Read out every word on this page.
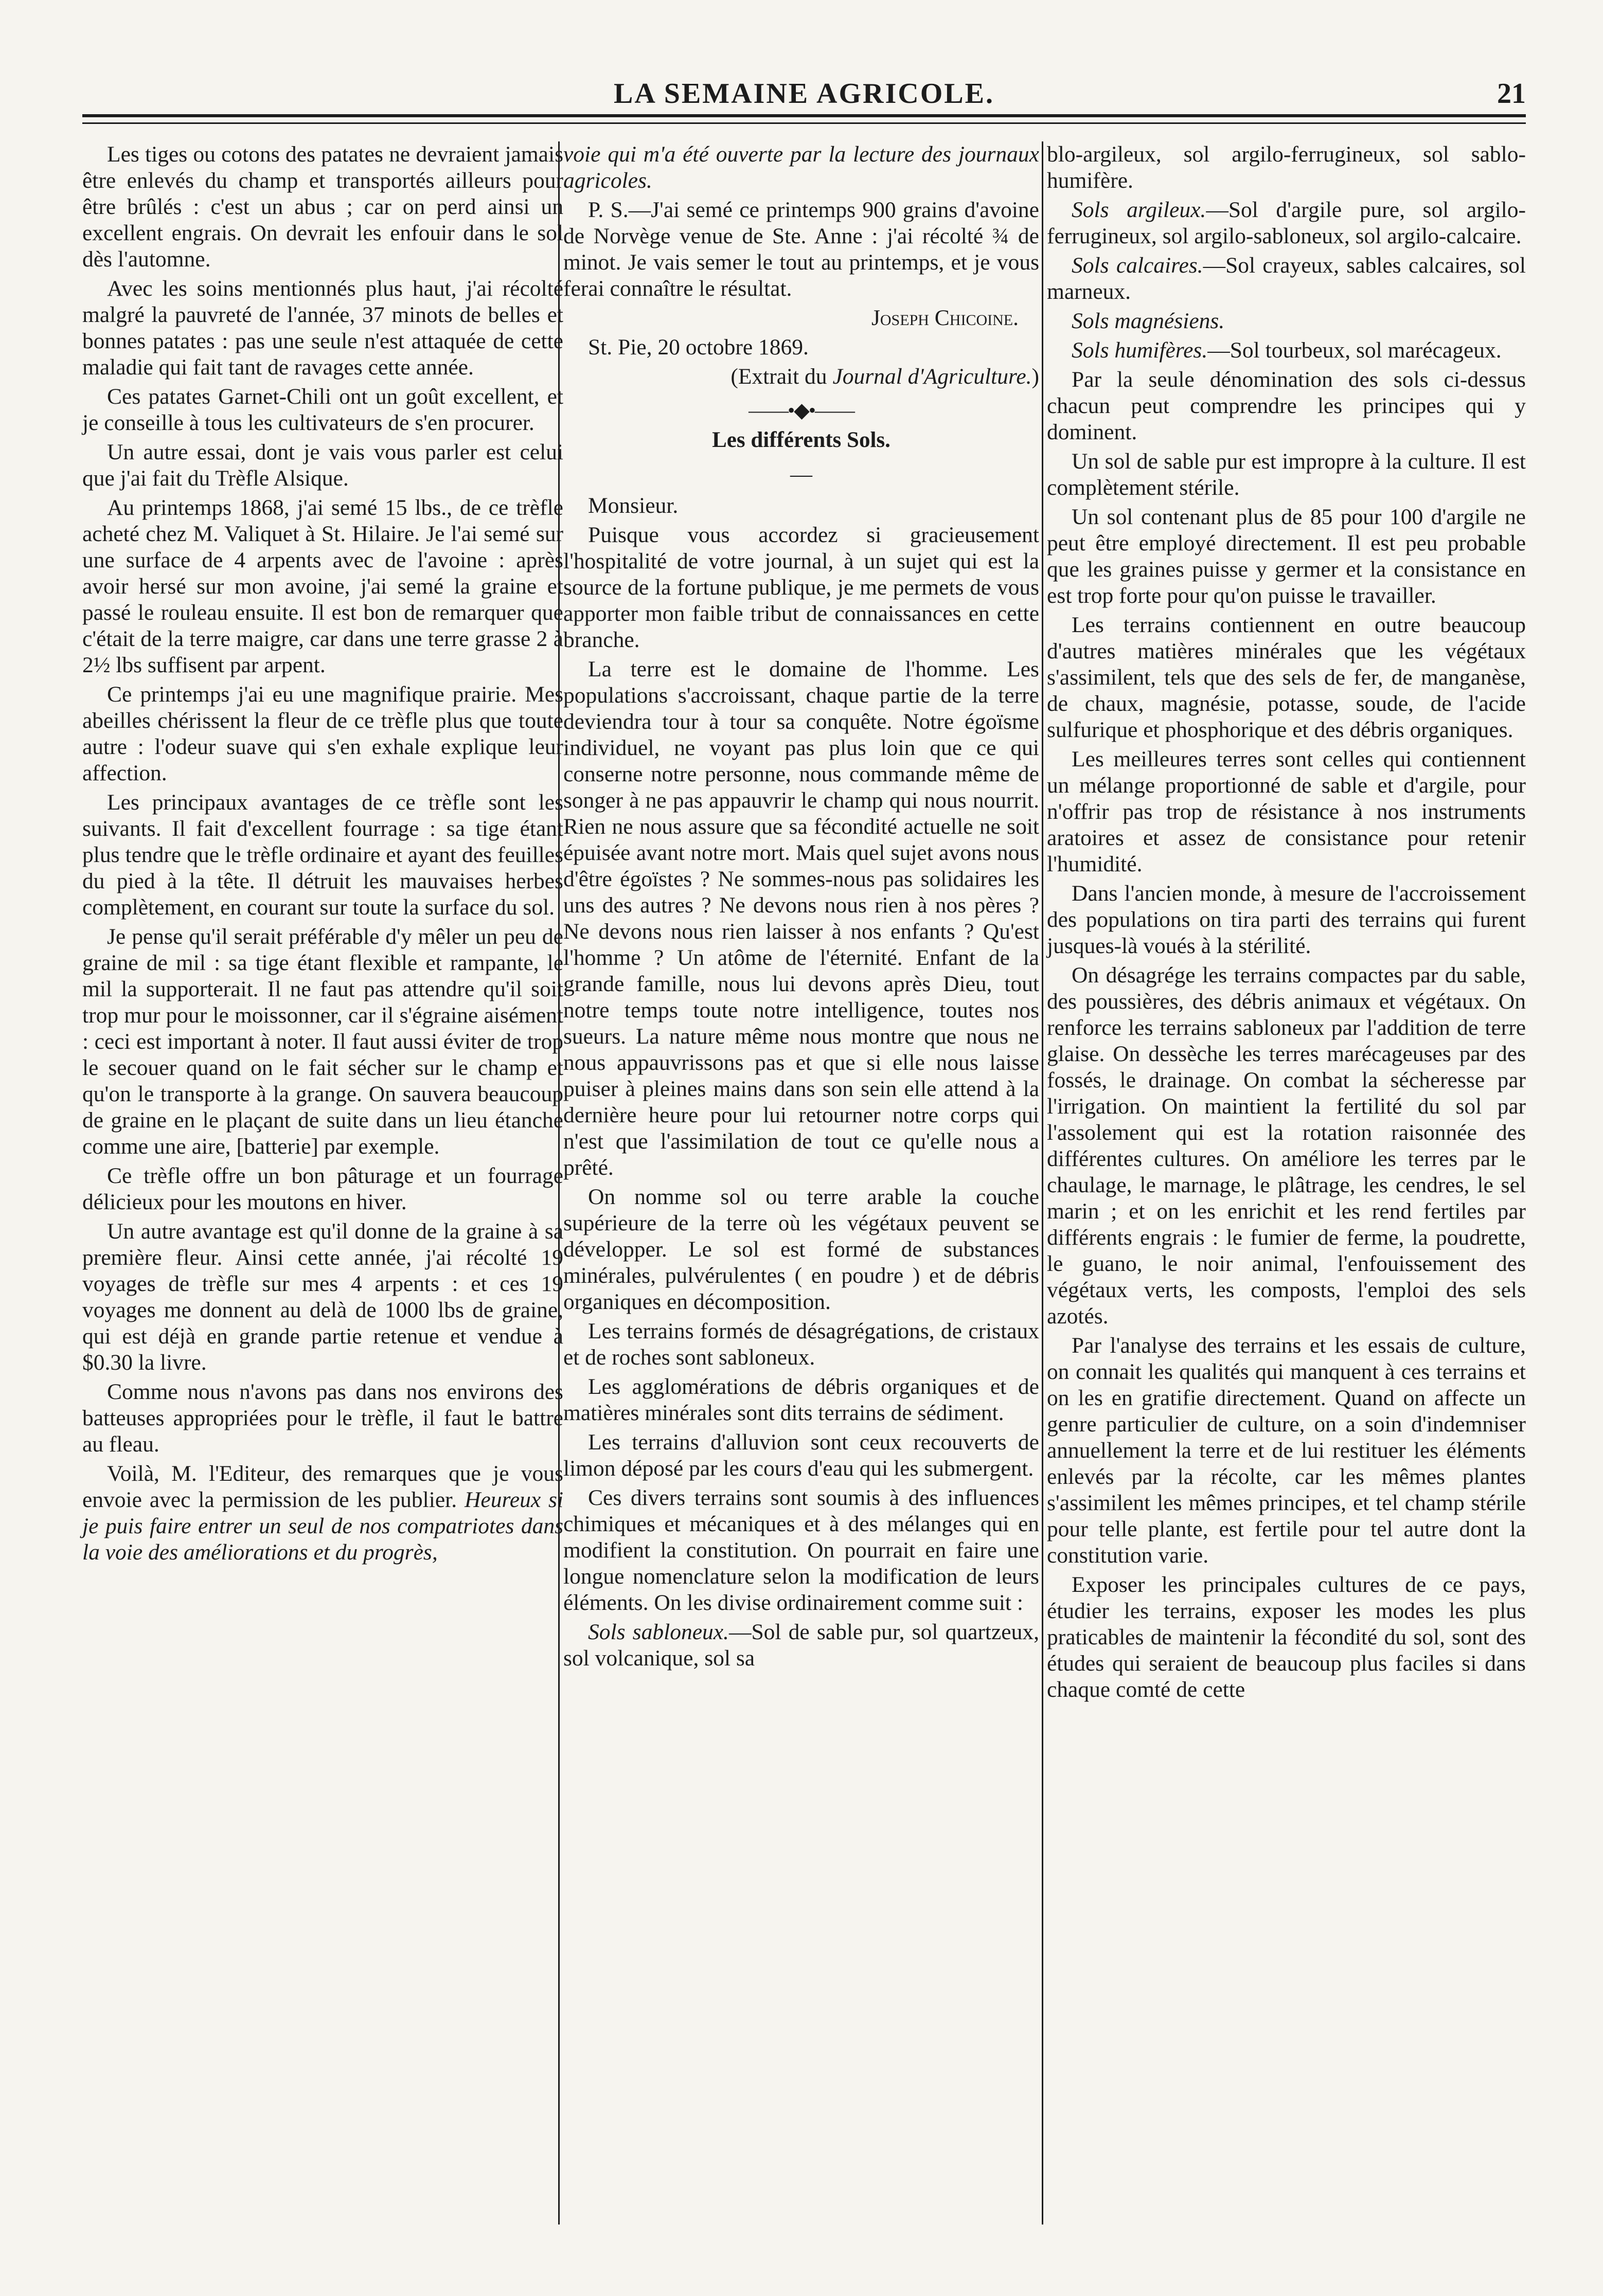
LA SEMAINE AGRICOLE.	21

Les tiges ou cotons des patates ne devraient jamais être enlevés du champ et transportés ailleurs pour être brûlés : c'est un abus ; car on perd ainsi un excellent engrais. On devrait les enfouir dans le sol dès l'automne.

Avec les soins mentionnés plus haut, j'ai récolté malgré la pauvreté de l'année, 37 minots de belles et bonnes patates : pas une seule n'est attaquée de cette maladie qui fait tant de ravages cette année.

Ces patates Garnet-Chili ont un goût excellent, et je conseille à tous les cultivateurs de s'en procurer.

Un autre essai, dont je vais vous parler est celui que j'ai fait du Trèfle Alsique.

Au printemps 1868, j'ai semé 15 lbs., de ce trèfle acheté chez M. Valiquet à St. Hilaire. Je l'ai semé sur une surface de 4 arpents avec de l'avoine : après avoir hersé sur mon avoine, j'ai semé la graine et passé le rouleau ensuite. Il est bon de remarquer que c'était de la terre maigre, car dans une terre grasse 2 à 2½ lbs suffisent par arpent.

Ce printemps j'ai eu une magnifique prairie. Mes abeilles chérissent la fleur de ce trèfle plus que toute autre : l'odeur suave qui s'en exhale explique leur affection.

Les principaux avantages de ce trèfle sont les suivants. Il fait d'excellent fourrage : sa tige étant plus tendre que le trèfle ordinaire et ayant des feuilles du pied à la tête. Il détruit les mauvaises herbes complètement, en courant sur toute la surface du sol.

Je pense qu'il serait préférable d'y mêler un peu de graine de mil : sa tige étant flexible et rampante, le mil la supporterait. Il ne faut pas attendre qu'il soit trop mur pour le moissonner, car il s'égraine aisément : ceci est important à noter. Il faut aussi éviter de trop le secouer quand on le fait sécher sur le champ et qu'on le transporte à la grange. On sauvera beaucoup de graine en le plaçant de suite dans un lieu étanche comme une aire, [batterie] par exemple.

Ce trèfle offre un bon pâturage et un fourrage délicieux pour les moutons en hiver.

Un autre avantage est qu'il donne de la graine à sa première fleur. Ainsi cette année, j'ai récolté 19 voyages de trèfle sur mes 4 arpents : et ces 19 voyages me donnent au delà de 1000 lbs de graine, qui est déjà en grande partie retenue et vendue à $0.30 la livre.

Comme nous n'avons pas dans nos environs des batteuses appropriées pour le trèfle, il faut le battre au fleau.

Voilà, M. l'Editeur, des remarques que je vous envoie avec la permission de les publier. Heureux si je puis faire entrer un seul de nos compatriotes dans la voie des améliorations et du progrès,

voie qui m'a été ouverte par la lecture des journaux agricoles.

P. S.—J'ai semé ce printemps 900 grains d'avoine de Norvège venue de Ste. Anne : j'ai récolté ¾ de minot. Je vais semer le tout au printemps, et je vous ferai connaître le résultat.

Joseph Chicoine.

St. Pie, 20 octobre 1869.

(Extrait du Journal d'Agriculture.)

——•◆•——
Les différents Sols.
—

Monsieur.

Puisque vous accordez si gracieusement l'hospitalité de votre journal, à un sujet qui est la source de la fortune publique, je me permets de vous apporter mon faible tribut de connaissances en cette branche.

La terre est le domaine de l'homme. Les populations s'accroissant, chaque partie de la terre deviendra tour à tour sa conquête. Notre égoïsme individuel, ne voyant pas plus loin que ce qui conserne notre personne, nous commande même de songer à ne pas appauvrir le champ qui nous nourrit. Rien ne nous assure que sa fécondité actuelle ne soit épuisée avant notre mort. Mais quel sujet avons nous d'être égoïstes ? Ne sommes-nous pas solidaires les uns des autres ? Ne devons nous rien à nos pères ? Ne devons nous rien laisser à nos enfants ? Qu'est l'homme ? Un atôme de l'éternité. Enfant de la grande famille, nous lui devons après Dieu, tout notre temps toute notre intelligence, toutes nos sueurs. La nature même nous montre que nous ne nous appauvrissons pas et que si elle nous laisse puiser à pleines mains dans son sein elle attend à la dernière heure pour lui retourner notre corps qui n'est que l'assimilation de tout ce qu'elle nous a prêté.

On nomme sol ou terre arable la couche supérieure de la terre où les végétaux peuvent se développer. Le sol est formé de substances minérales, pulvérulentes ( en poudre ) et de débris organiques en décomposition.

Les terrains formés de désagrégations, de cristaux et de roches sont sabloneux.

Les agglomérations de débris organiques et de matières minérales sont dits terrains de sédiment.

Les terrains d'alluvion sont ceux recouverts de limon déposé par les cours d'eau qui les submergent.

Ces divers terrains sont soumis à des influences chimiques et mécaniques et à des mélanges qui en modifient la constitution. On pourrait en faire une longue nomenclature selon la modification de leurs éléments. On les divise ordinairement comme suit :

Sols sabloneux.—Sol de sable pur, sol quartzeux, sol volcanique, sol sa

blo-argileux, sol argilo-ferrugineux, sol sablo-humifère.

Sols argileux.—Sol d'argile pure, sol argilo-ferrugineux, sol argilo-sabloneux, sol argilo-calcaire.

Sols calcaires.—Sol crayeux, sables calcaires, sol marneux.

Sols magnésiens.

Sols humifères.—Sol tourbeux, sol marécageux.

Par la seule dénomination des sols ci-dessus chacun peut comprendre les principes qui y dominent.

Un sol de sable pur est impropre à la culture. Il est complètement stérile.

Un sol contenant plus de 85 pour 100 d'argile ne peut être employé directement. Il est peu probable que les graines puisse y germer et la consistance en est trop forte pour qu'on puisse le travailler.

Les terrains contiennent en outre beaucoup d'autres matières minérales que les végétaux s'assimilent, tels que des sels de fer, de manganèse, de chaux, magnésie, potasse, soude, de l'acide sulfurique et phosphorique et des débris organiques.

Les meilleures terres sont celles qui contiennent un mélange proportionné de sable et d'argile, pour n'offrir pas trop de résistance à nos instruments aratoires et assez de consistance pour retenir l'humidité.

Dans l'ancien monde, à mesure de l'accroissement des populations on tira parti des terrains qui furent jusques-là voués à la stérilité.

On désagrége les terrains compactes par du sable, des poussières, des débris animaux et végétaux. On renforce les terrains sabloneux par l'addition de terre glaise. On dessèche les terres marécageuses par des fossés, le drainage. On combat la sécheresse par l'irrigation. On maintient la fertilité du sol par l'assolement qui est la rotation raisonnée des différentes cultures. On améliore les terres par le chaulage, le marnage, le plâtrage, les cendres, le sel marin ; et on les enrichit et les rend fertiles par différents engrais : le fumier de ferme, la poudrette, le guano, le noir animal, l'enfouissement des végétaux verts, les composts, l'emploi des sels azotés.

Par l'analyse des terrains et les essais de culture, on connait les qualités qui manquent à ces terrains et on les en gratifie directement. Quand on affecte un genre particulier de culture, on a soin d'indemniser annuellement la terre et de lui restituer les éléments enlevés par la récolte, car les mêmes plantes s'assimilent les mêmes principes, et tel champ stérile pour telle plante, est fertile pour tel autre dont la constitution varie.

Exposer les principales cultures de ce pays, étudier les terrains, exposer les modes les plus praticables de maintenir la fécondité du sol, sont des études qui seraient de beaucoup plus faciles si dans chaque comté de cette
